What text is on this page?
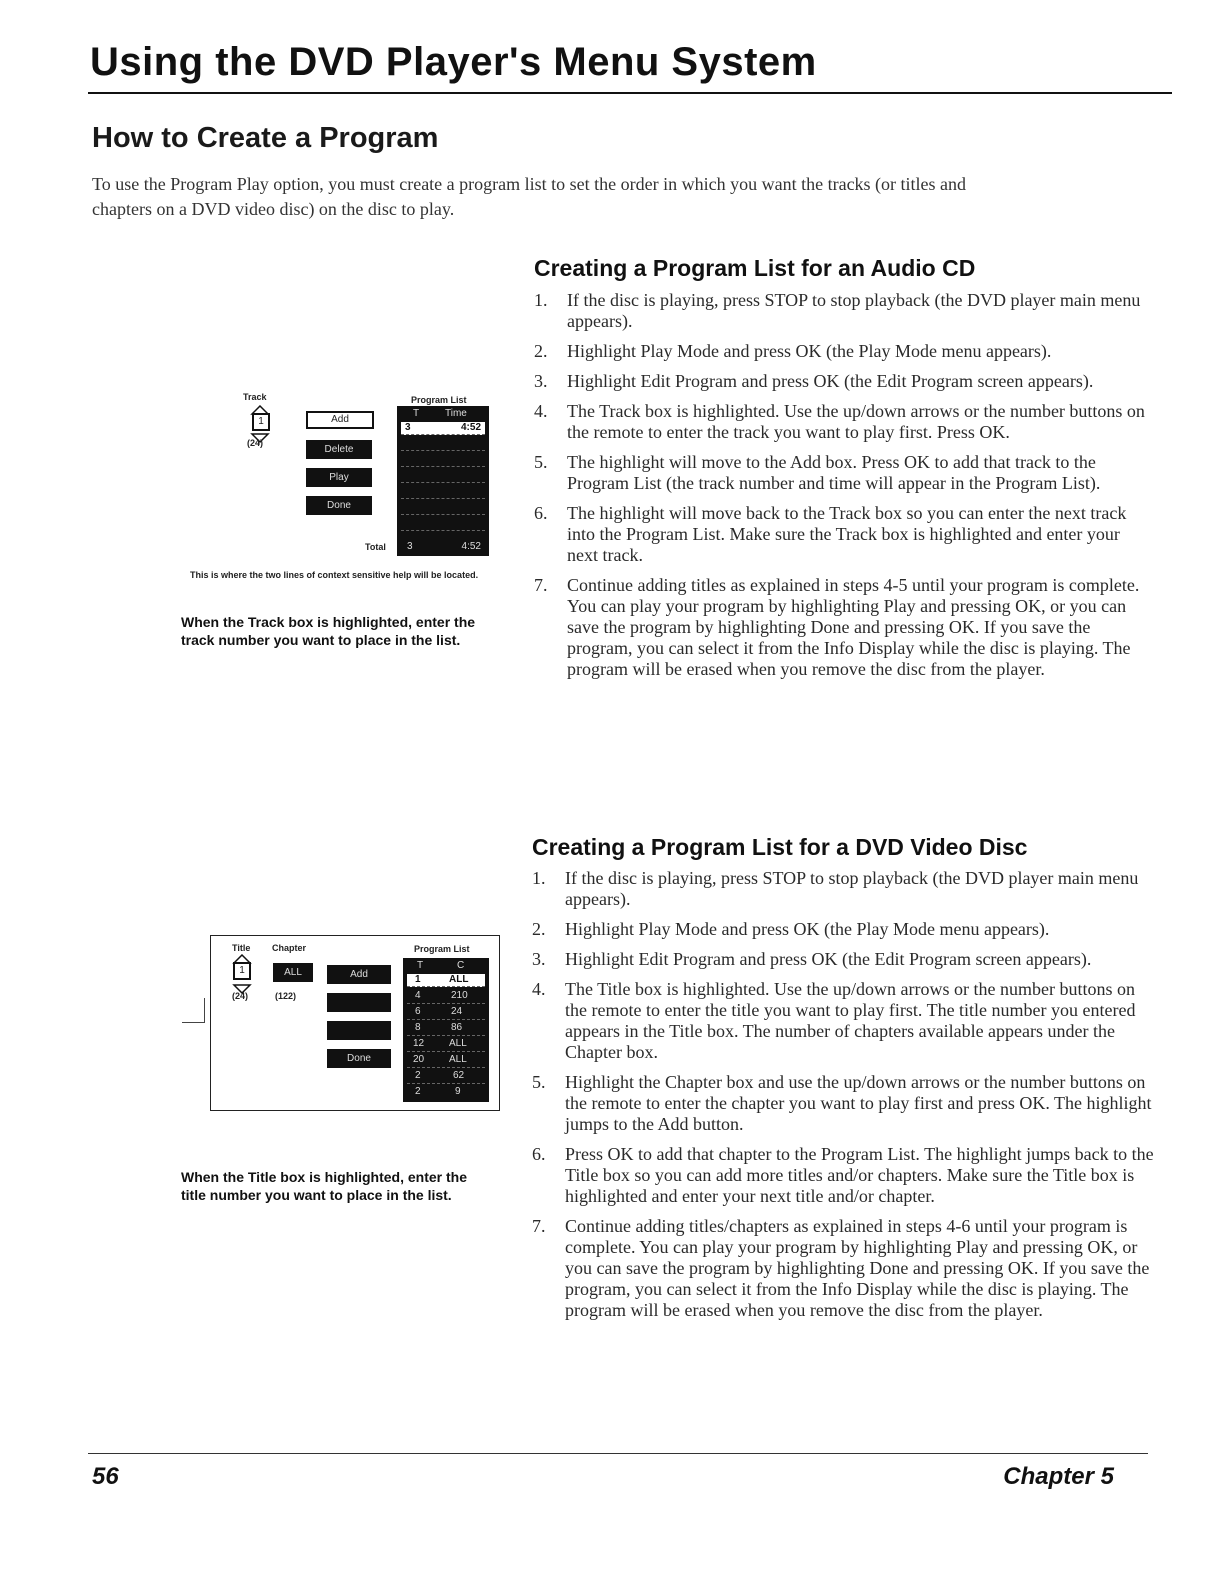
Using the DVD Player's Menu System
How to Create a Program

To use the Program Play option, you must create a program list to set the order in which you want the tracks (or titles and chapters on a DVD video disc) on the disc to play.

Creating a Program List for an Audio CD
1.	If the disc is playing, press STOP to stop playback (the DVD player main menu appears).
2.	Highlight Play Mode and press OK (the Play Mode menu appears).
3.	Highlight Edit Program and press OK (the Edit Program screen appears).
4.	The Track box is highlighted. Use the up/down arrows or the number buttons on the remote to enter the track you want to play first. Press OK.
5.	The highlight will move to the Add box. Press OK to add that track to the Program List (the track number and time will appear in the Program List).
6.	The highlight will move back to the Track box so you can enter the next track into the Program List. Make sure the Track box is highlighted and enter your next track.
7.	Continue adding titles as explained in steps 4-5 until your program is complete. You can play your program by highlighting Play and pressing OK, or you can save the program by highlighting Done and pressing OK. If you save the program, you can select it from the Info Display while the disc is playing. The program will be erased when you remove the disc from the player.
Track	Program List
1
(24)
Add
Delete
Play
Done
T	Time
3	4:52
3	4:52
Total

This is where the two lines of context sensitive help will be located.

When the Track box is highlighted, enter the track number you want to place in the list.

Creating a Program List for a DVD Video Disc
1.	If the disc is playing, press STOP to stop playback (the DVD player main menu appears).
2.	Highlight Play Mode and press OK (the Play Mode menu appears).
3.	Highlight Edit Program and press OK (the Edit Program screen appears).
4.	The Title box is highlighted. Use the up/down arrows or the number buttons on the remote to enter the title you want to play first. The title number you entered appears in the Title box. The number of chapters available appears under the Chapter box.
5.	Highlight the Chapter box and use the up/down arrows or the number buttons on the remote to enter the chapter you want to play first and press OK. The highlight jumps to the Add button.
6.	Press OK to add that chapter to the Program List. The highlight jumps back to the Title box so you can add more titles and/or chapters. Make sure the Title box is highlighted and enter your next title and/or chapter.
7.	Continue adding titles/chapters as explained in steps 4-6 until your program is complete. You can play your program by highlighting Play and pressing OK, or you can save the program by highlighting Done and pressing OK. If you save the program, you can select it from the Info Display while the disc is playing. The program will be erased when you remove the disc from the player.
Title Chapter	Program List
1
(24)
ALL
(122)
Add
Done
T	C
1	ALL
4	210
6	24
8	86
12 ALL
20 ALL
2	62
2	9

When the Title box is highlighted, enter the title number you want to place in the list.

56	Chapter 5
